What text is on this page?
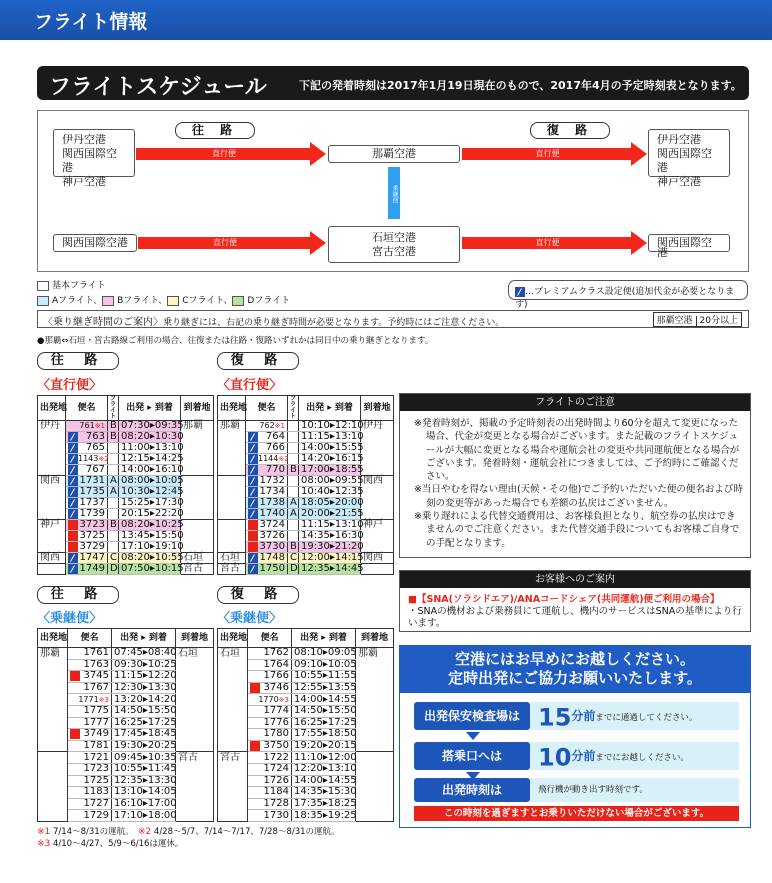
フライト情報
フライトスケジュール	下記の発着時刻は2017年1月19日現在のもので、2017年4月の予定時刻表となります。
往 路	復 路
伊丹空港
関西国際空港
神戸空港
直行便	那覇空港	直行便
伊丹空港
関西国際空港
神戸空港
乗継便
関西国際空港	直行便	石垣空港
宮古空港
直行便	関西国際空港
基本フライト
Aフライト、 Bフライト、 Cフライト、 Dフライト
…プレミアムクラス設定便(追加代金が必要となります)
〈乗り継ぎ時間のご案内〉乗り継ぎには、右記の乗り継ぎ時間が必要となります。予約時にはご注意ください。	那覇空港 20分以上
●那覇⇔石垣・宮古路線ご利用の場合、往復または往路・復路いずれかは同日中の乗り継ぎとなります。
往 路	復 路
〈直行便〉	〈直行便〉
出発地	便名	フライト	出発 ▸ 到着	到着地
伊丹	761※1	B	07:30▸09:35	那覇

763	B	08:20▸10:30	

765		11:00▸13:10	

1143※2		12:15▸14:25	

767		14:00▸16:10	
関西	1731	A	08:00▸10:05	

1735	A	10:30▸12:45	

1737		15:25▸17:30	

1739		20:15▸22:20	
神戸	3723	B	08:20▸10:25	

3725		13:45▸15:50	

3729		17:10▸19:10	
関西	1747	C	08:20▸10:55	石垣

1749	D	07:50▸10:15	宮古
出発地	便名	フライト	出発 ▸ 到着	到着地
那覇	762※1		10:10▸12:10	伊丹

764		11:15▸13:10	

766		14:00▸15:55	

1144※2		14:20▸16:15	

770	B	17:00▸18:55	

1732		08:00▸09:55	関西

1734		10:40▸12:35	

1738	A	18:05▸20:00	

1740	A	20:00▸21:55	

3724		11:15▸13:10	神戸

3726		14:35▸16:30	

3730	B	19:30▸21:20	
石垣	1748	C	12:00▸14:15	関西
宮古	1750	D	12:35▸14:45	
往 路	復 路
〈乗継便〉	〈乗継便〉
出発地	便名	出発 ▸ 到着	到着地
那覇	1761	07:45▸08:40	石垣
	1763	09:30▸10:25	

3745	11:15▸12:20	
	1767	12:30▸13:30	
	1771※3	13:20▸14:20	
	1775	14:50▸15:50	
	1777	16:25▸17:25	

3749	17:45▸18:45	
	1781	19:30▸20:25	
	1721	09:45▸10:35	宮古
	1723	10:55▸11:45	
	1725	12:35▸13:30	
	1183	13:10▸14:05	
	1727	16:10▸17:00	
	1729	17:10▸18:00	
出発地	便名	出発 ▸ 到着	到着地
石垣	1762	08:10▸09:05	那覇
	1764	09:10▸10:05	
	1766	10:55▸11:55	

3746	12:55▸13:55	
	1770※3	14:00▸14:55	
	1774	14:50▸15:50	
	1776	16:25▸17:25	
	1780	17:55▸18:50	

3750	19:20▸20:15	
宮古	1722	11:10▸12:00	
	1724	12:20▸13:10	
	1726	14:00▸14:55	
	1184	14:35▸15:30	
	1728	17:35▸18:25	
	1730	18:35▸19:25	
※1 7/14〜8/31の運航。　 ※2 4/28〜5/7、7/14〜7/17、7/28〜8/31の運航。
※3 4/10〜4/27、5/9〜6/16は運休。
フライトのご注意

※発着時刻が、掲載の予定時刻表の出発時間より60分を超えて変更になった場合、代金が変更となる場合がございます。また記載のフライトスケジュールが大幅に変更となる場合や運航会社の変更や共同運航便となる場合がございます。発着時刻・運航会社につきましては、ご予約時にご確認ください。

※当日やむを得ない理由(天候・その他)でご予約いただいた便の便名および時刻の変更等があった場合でも差額の払戻はございません。

※乗り遅れによる代替交通費用は、お客様負担となり、航空券の払戻はできませんのでご注意ください。また代替交通手段についてもお客様ご自身での手配となります。

お客様へのご案内
■【SNA(ソラシドエア)/ANAコードシェア(共同運航)便ご利用の場合】
・SNAの機材および乗務員にて運航し、機内のサービスはSNAの基準により行います。
空港にはお早めにお越しください。
定時出発にご協力お願いいたします。
出発保安検査場は 15分前までに通過してください。
搭乗口へは	10分前までにお越しください。
出発時刻は	飛行機が動き出す時刻です。
この時刻を過ぎますとお乗りいただけない場合がございます。
